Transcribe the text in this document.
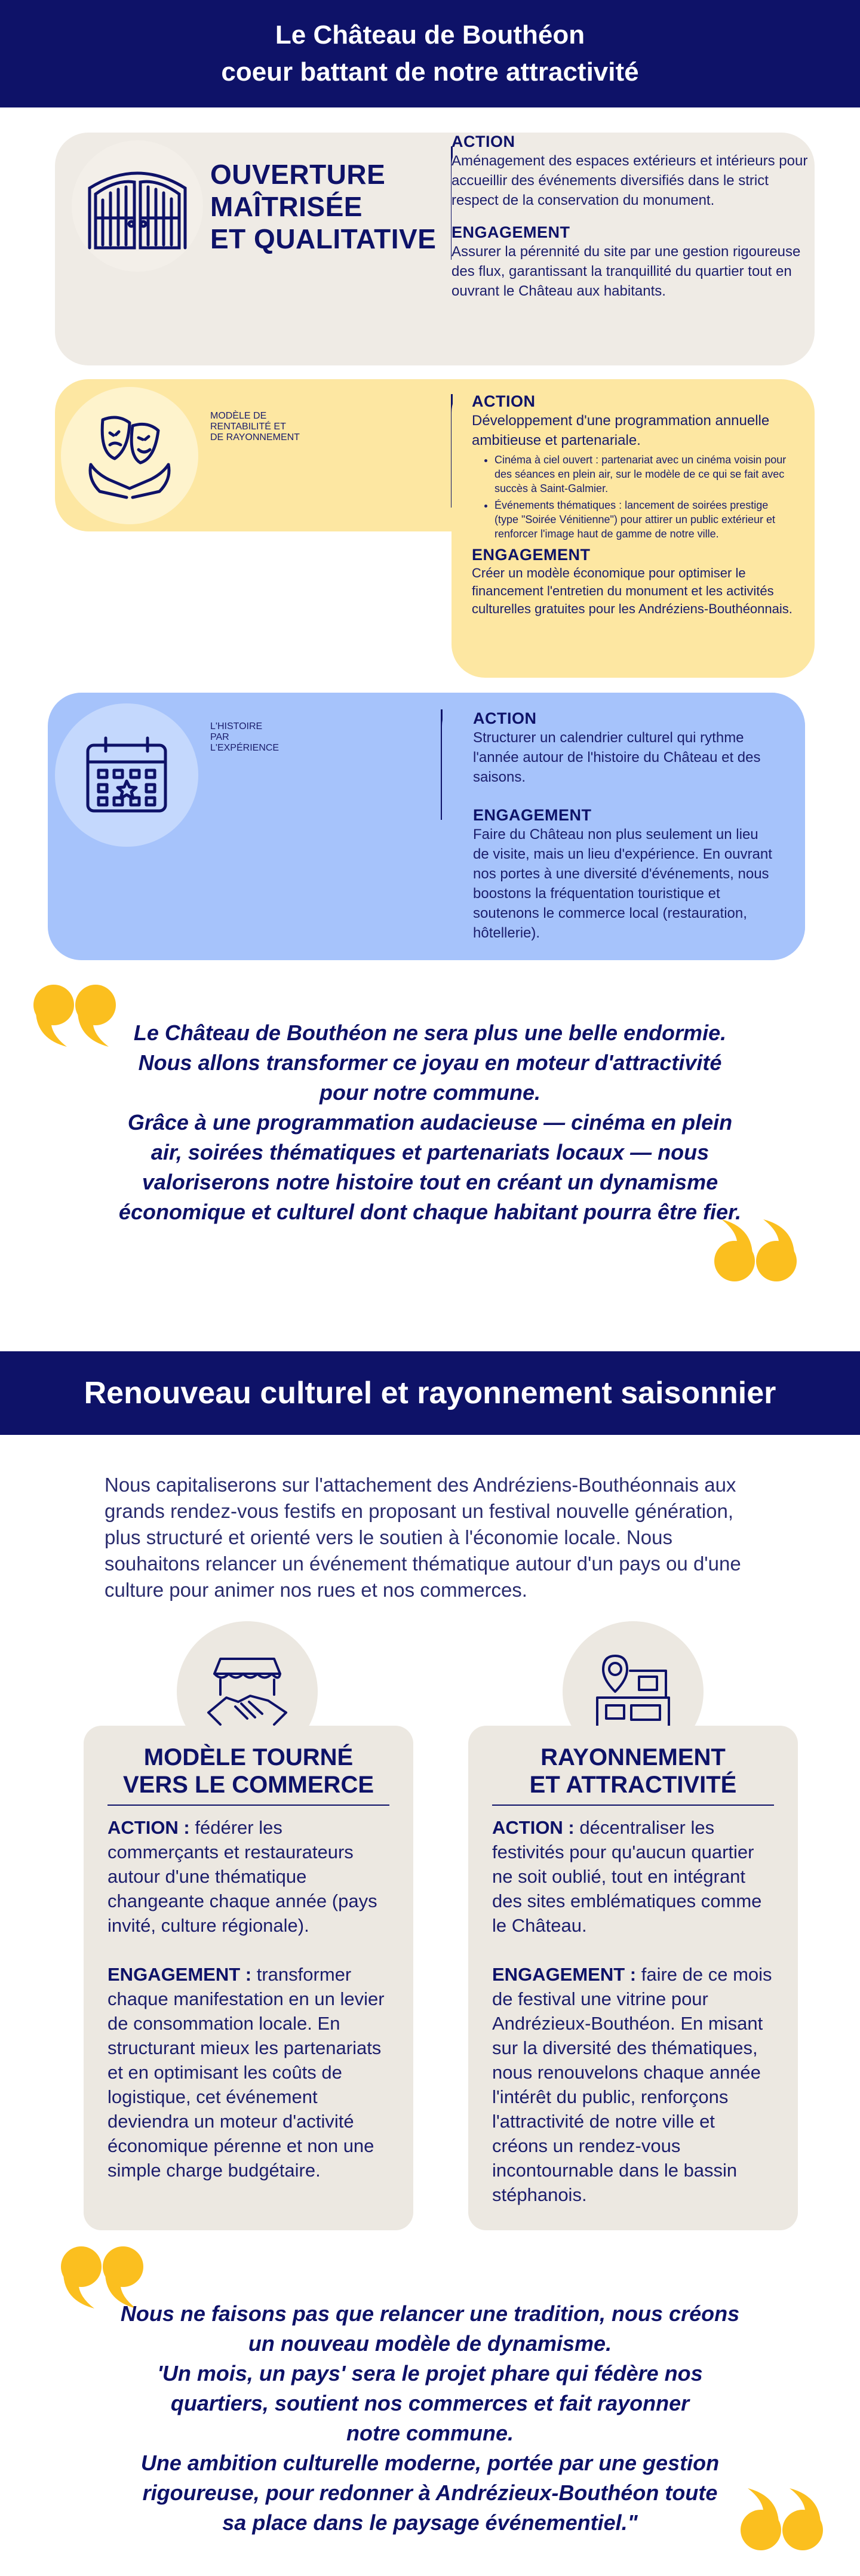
Le Château de Bouthéon
coeur battant de notre attractivité
OUVERTURE
MAÎTRISÉE
ET QUALITATIVE
ACTION

Aménagement des espaces extérieurs et intérieurs pour accueillir des événements diversifiés dans le strict respect de la conservation du monument.

ENGAGEMENT

Assurer la pérennité du site par une gestion rigoureuse des flux, garantissant la tranquillité du quartier tout en ouvrant le Château aux habitants.

MODÈLE DE
RENTABILITÉ ET
DE RAYONNEMENT
ACTION

Développement d'une programmation annuelle ambitieuse et partenariale.

• Cinéma à ciel ouvert : partenariat avec un cinéma voisin pour des séances en plein air, sur le modèle de ce qui se fait avec succès à Saint-Galmier.
• Événements thématiques : lancement de soirées prestige (type "Soirée Vénitienne") pour attirer un public extérieur et renforcer l'image haut de gamme de notre ville.
ENGAGEMENT

Créer un modèle économique pour optimiser le financement l'entretien du monument et les activités culturelles gratuites pour les Andréziens-Bouthéonnais.

L'HISTOIRE
PAR
L'EXPÉRIENCE
ACTION

Structurer un calendrier culturel qui rythme l'année autour de l'histoire du Château et des saisons.

ENGAGEMENT

Faire du Château non plus seulement un lieu de visite, mais un lieu d'expérience. En ouvrant nos portes à une diversité d'événements, nous boostons la fréquentation touristique et soutenons le commerce local (restauration, hôtellerie).

Le Château de Bouthéon ne sera plus une belle endormie.
Nous allons transformer ce joyau en moteur d'attractivité
pour notre commune.
Grâce à une programmation audacieuse — cinéma en plein
air, soirées thématiques et partenariats locaux — nous
valoriserons notre histoire tout en créant un dynamisme
économique et culturel dont chaque habitant pourra être fier.
Renouveau culturel et rayonnement saisonnier

Nous capitaliserons sur l'attachement des Andréziens-Bouthéonnais aux grands rendez-vous festifs en proposant un festival nouvelle génération, plus structuré et orienté vers le soutien à l'économie locale. Nous souhaitons relancer un événement thématique autour d'un pays ou d'une culture pour animer nos rues et nos commerces.

MODÈLE TOURNÉ
VERS LE COMMERCE

ACTION : fédérer les commerçants et restaurateurs autour d'une thématique changeante chaque année (pays invité, culture régionale).

ENGAGEMENT : transformer chaque manifestation en un levier de consommation locale. En structurant mieux les partenariats et en optimisant les coûts de logistique, cet événement deviendra un moteur d'activité économique pérenne et non une simple charge budgétaire.

RAYONNEMENT
ET ATTRACTIVITÉ

ACTION : décentraliser les festivités pour qu'aucun quartier ne soit oublié, tout en intégrant des sites emblématiques comme le Château.

ENGAGEMENT : faire de ce mois de festival une vitrine pour Andrézieux-Bouthéon. En misant sur la diversité des thématiques, nous renouvelons chaque année l'intérêt du public, renforçons l'attractivité de notre ville et créons un rendez-vous incontournable dans le bassin stéphanois.

Nous ne faisons pas que relancer une tradition, nous créons
un nouveau modèle de dynamisme.
'Un mois, un pays' sera le projet phare qui fédère nos
quartiers, soutient nos commerces et fait rayonner
notre commune.
Une ambition culturelle moderne, portée par une gestion
rigoureuse, pour redonner à Andrézieux-Bouthéon toute
sa place dans le paysage événementiel."
